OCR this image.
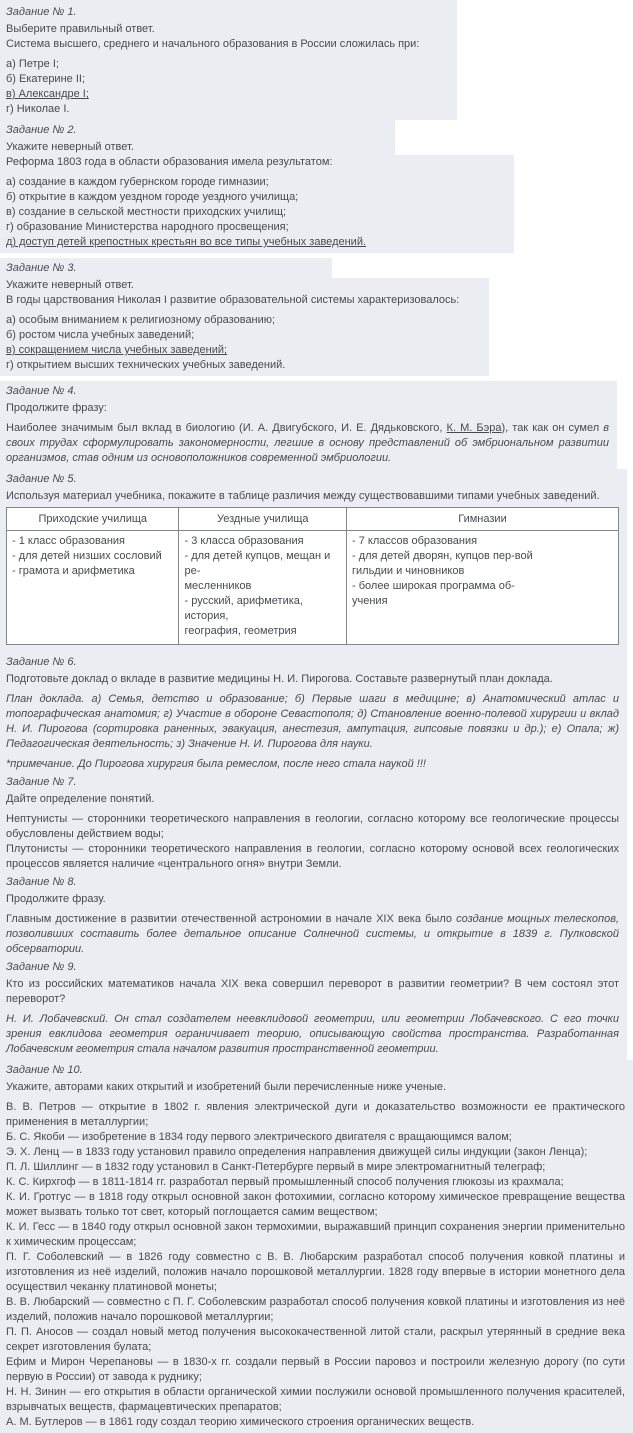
Задание № 1.
Выберите правильный ответ.
Система высшего, среднего и начального образования в России сложилась при:
а) Петре I;
б) Екатерине II;
в) Александре I;
г) Николае I.
Задание № 2.
Укажите неверный ответ.
Реформа 1803 года в области образования имела результатом:
а) создание в каждом губернском городе гимназии;
б) открытие в каждом уездном городе уездного училища;
в) создание в сельской местности приходских училищ;
г) образование Министерства народного просвещения;
д) доступ детей крепостных крестьян во все типы учебных заведений.
Задание № 3.
Укажите неверный ответ.
В годы царствования Николая I развитие образовательной системы характеризовалось:
а) особым вниманием к религиозному образованию;
б) ростом числа учебных заведений;
в) сокращением числа учебных заведений;
г) открытием высших технических учебных заведений.
Задание № 4.
Продолжите фразу:

Наиболее значимым был вклад в биологию (И. А. Двигубского, И. Е. Дядьковского, К. М. Бэра), так как он сумел в своих трудах сформулировать закономерности, легшие в основу представлений об эмбриональном развитии организмов, став одним из основоположников современной эмбриологии.

Задание № 5.

Используя материал учебника, покажите в таблице различия между существовавшими типами учебных заведений.

Приходские училища	Уездные училища	Гимназии

- 1 класс образования
- для детей низших сословий
- грамота и арифметика

- 3 класса образования
- для детей купцов, мещан и ре-
месленников
- русский, арифметика, история,
география, геометрия

- 7 классов образования
- для детей дворян, купцов пер-вой
гильдии и чиновников
- более широкая программа об-
учения
Задание № 6.

Подготовьте доклад о вкладе в развитие медицины Н. И. Пирогова. Составьте развернутый план доклада.

План доклада. а) Семья, детство и образование; б) Первые шаги в медицине; в) Анатомический атлас и топографическая анатомия; г) Участие в обороне Севастополя; д) Становление военно-полевой хирургии и вклад Н. И. Пирогова (сортировка раненных, эвакуация, анестезия, ампутация, гипсовые повязки и др.); е) Опала; ж) Педагогическая деятельность; з) Значение Н. И. Пирогова для науки.

*примечание. До Пирогова хирургия была ремеслом, после него стала наукой !!!

Задание № 7.

Дайте определение понятий.

Нептунисты — сторонники теоретического направления в геологии, согласно которому все геологические процессы обусловлены действием воды;

Плутонисты — сторонники теоретического направления в геологии, согласно которому основой всех геологических процессов является наличие «центрального огня» внутри Земли.

Задание № 8.

Продолжите фразу.

Главным достижение в развитии отечественной астрономии в начале XIX века было создание мощных телескопов, позволивших составить более детальное описание Солнечной системы, и открытие в 1839 г. Пулковской обсерватории.

Задание № 9.

Кто из российских математиков начала XIX века совершил переворот в развитии геометрии? В чем состоял этот переворот?

Н. И. Лобачевский. Он стал создателем неевклидовой геометрии, или геометрии Лобачевского. С его точки зрения евклидова геометрия ограничивает теорию, описывающую свойства пространства. Разработанная Лобачевским геометрия стала началом развития пространственной геометрии.

Задание № 10.

Укажите, авторами каких открытий и изобретений были перечисленные ниже ученые.

В. В. Петров — открытие в 1802 г. явления электрической дуги и доказательство возможности ее практического применения в металлургии;

Б. С. Якоби — изобретение в 1834 году первого электрического двигателя с вращающимся валом;

Э. Х. Ленц — в 1833 году установил правило определения направления движущей силы индукции (закон Ленца);

П. Л. Шиллинг — в 1832 году установил в Санкт-Петербурге первый в мире электромагнитный телеграф;

К. С. Кирхгоф — в 1811-1814 гг. разработал первый промышленный способ получения глюкозы из крахмала;

К. И. Гротгус — в 1818 году открыл основной закон фотохимии, согласно которому химическое превращение вещества может вызвать только тот свет, который поглощается самим веществом;

К. И. Гесс — в 1840 году открыл основной закон термохимии, выражавший принцип сохранения энергии применительно к химическим процессам;

П. Г. Соболевский — в 1826 году совместно с В. В. Любарским разработал способ получения ковкой платины и изготовления из неё изделий, положив начало порошковой металлургии. 1828 году впервые в истории монетного дела осуществил чеканку платиновой монеты;

В. В. Любарский — совместно с П. Г. Соболевским разработал способ получения ковкой платины и изготовления из неё изделий, положив начало порошковой металлургии;

П. П. Аносов — создал новый метод получения высококачественной литой стали, раскрыл утерянный в средние века секрет изготовления булата;

Ефим и Мирон Черепановы — в 1830-х гг. создали первый в России паровоз и построили железную дорогу (по сути первую в России) от завода к руднику;

Н. Н. Зинин — его открытия в области органической химии послужили основой промышленного получения красителей, взрывчатых веществ, фармацевтических препаратов;

А. М. Бутлеров — в 1861 году создал теорию химического строения органических веществ.
